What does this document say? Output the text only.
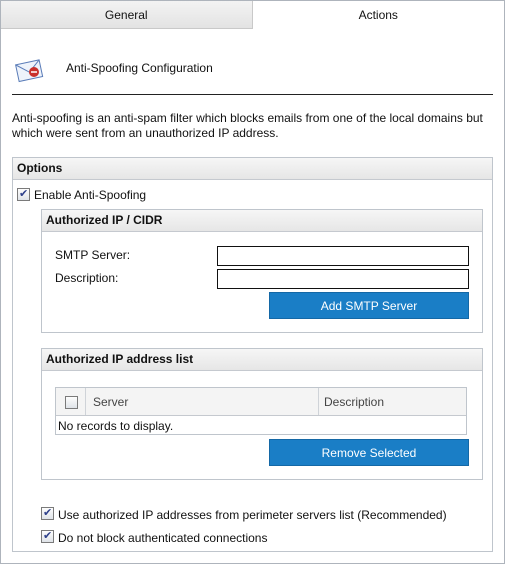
General	Actions
Anti-Spoofing Configuration
Anti-spoofing is an anti-spam filter which blocks emails from one of the local domains but which were sent from an unauthorized IP address.
Options
✔
Enable Anti-Spoofing
Authorized IP / CIDR
SMTP Server:
Description:
Add SMTP Server
Authorized IP address list
Server	Description
No records to display.
Remove Selected
✔
Use authorized IP addresses from perimeter servers list (Recommended)
✔
Do not block authenticated connections
